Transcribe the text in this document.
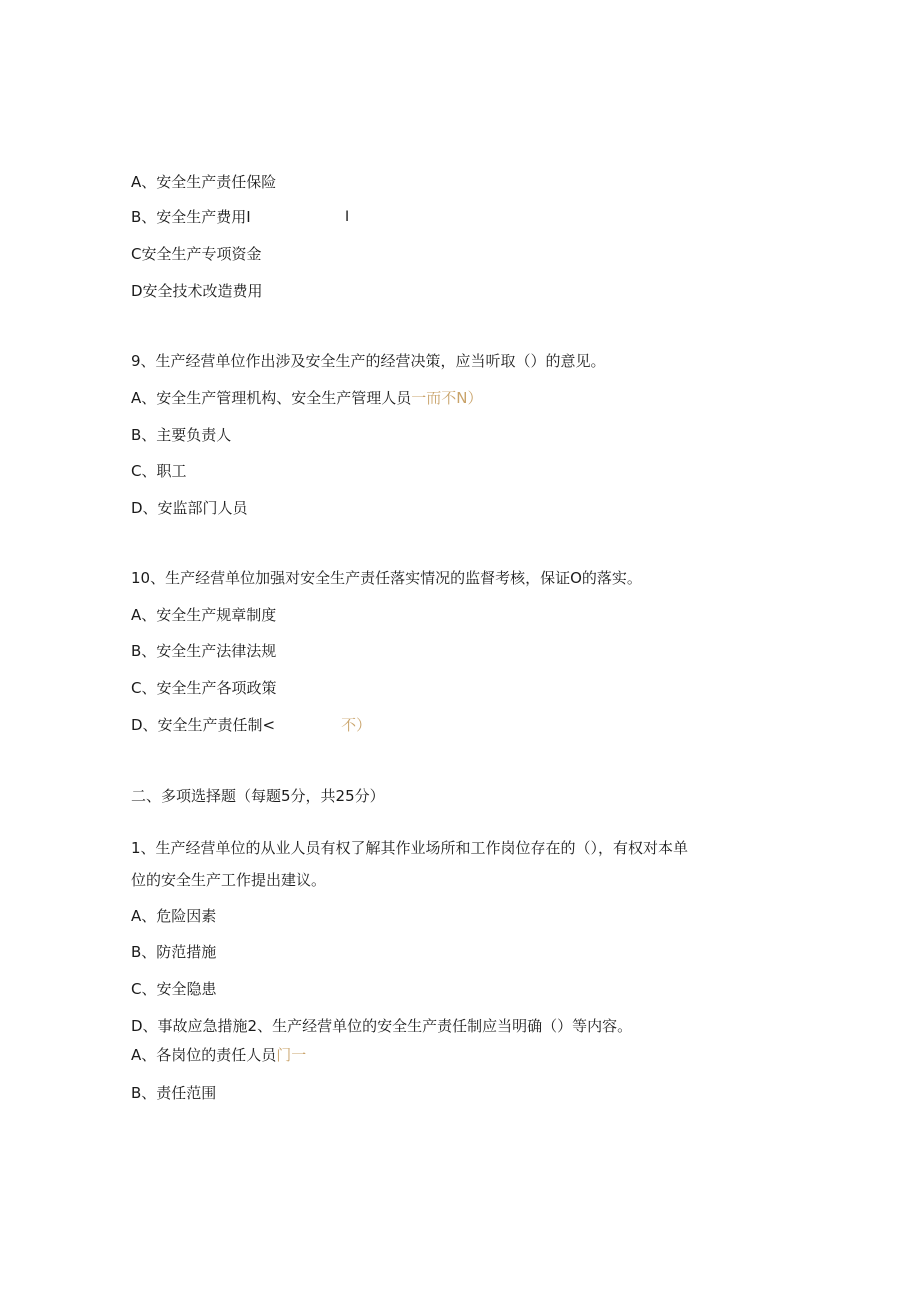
A、安全生产责任保险
B、安全生产费用I	I
C安全生产专项资金
D安全技术改造费用
9、生产经营单位作出涉及安全生产的经营决策，应当听取（）的意见。
A、安全生产管理机构、安全生产管理人员一而不N）
B、主要负责人
C、职工
D、安监部门人员
10、生产经营单位加强对安全生产责任落实情况的监督考核，保证O的落实。
A、安全生产规章制度
B、安全生产法律法规
C、安全生产各项政策
D、安全生产责任制<	不）
二、多项选择题（每题5分，共25分）
1、生产经营单位的从业人员有权了解其作业场所和工作岗位存在的（），有权对本单
位的安全生产工作提出建议。
A、危险因素
B、防范措施
C、安全隐患
D、事故应急措施2、生产经营单位的安全生产责任制应当明确（）等内容。
A、各岗位的责任人员门一
B、责任范围
